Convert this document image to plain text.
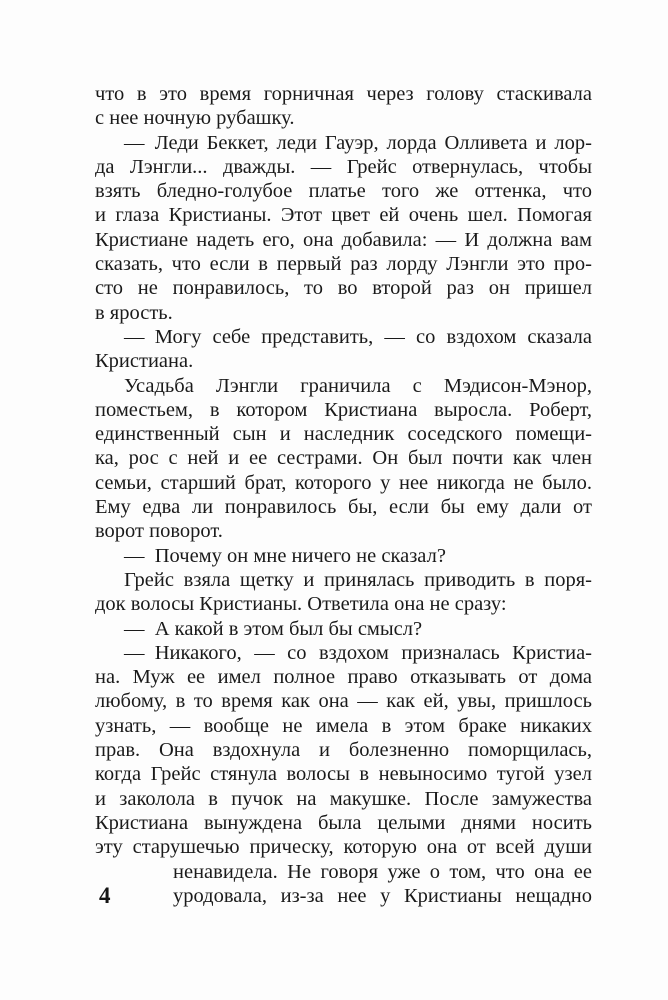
4
что в это время горничная через голову стаскивала
с нее ночную рубашку.
— Леди Беккет, леди Гауэр, лорда Олливета и лор-
да Лэнгли... дважды. — Грейс отвернулась, чтобы
взять бледно-голубое платье того же оттенка, что
и глаза Кристианы. Этот цвет ей очень шел. Помогая
Кристиане надеть его, она добавила: — И должна вам
сказать, что если в первый раз лорду Лэнгли это про-
сто не понравилось, то во второй раз он пришел
в ярость.
— Могу себе представить, — со вздохом сказала
Кристиана.
Усадьба Лэнгли граничила с Мэдисон-Мэнор,
поместьем, в котором Кристиана выросла. Роберт,
единственный сын и наследник соседского помещи-
ка, рос с ней и ее сестрами. Он был почти как член
семьи, старший брат, которого у нее никогда не было.
Ему едва ли понравилось бы, если бы ему дали от
ворот поворот.
— Почему он мне ничего не сказал?
Грейс взяла щетку и принялась приводить в поря-
док волосы Кристианы. Ответила она не сразу:
— А какой в этом был бы смысл?
— Никакого, — со вздохом призналась Кристиа-
на. Муж ее имел полное право отказывать от дома
любому, в то время как она — как ей, увы, пришлось
узнать, — вообще не имела в этом браке никаких
прав. Она вздохнула и болезненно поморщилась,
когда Грейс стянула волосы в невыносимо тугой узел
и заколола в пучок на макушке. После замужества
Кристиана вынуждена была целыми днями носить
эту старушечью прическу, которую она от всей души
ненавидела. Не говоря уже о том, что она ее
уродовала, из-за нее у Кристианы нещадно
